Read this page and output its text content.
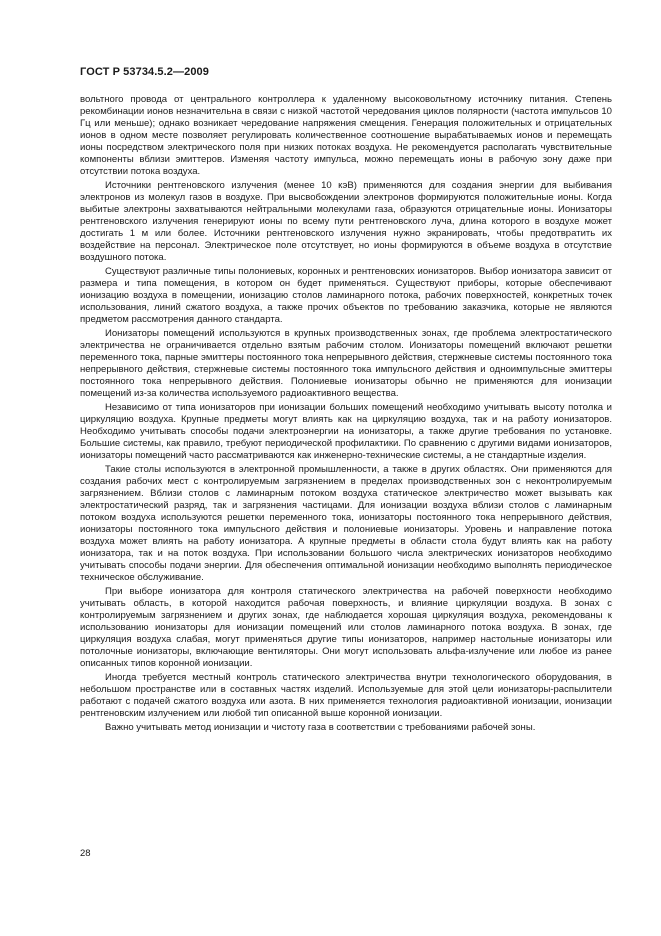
ГОСТ Р 53734.5.2—2009

вольтного провода от центрального контроллера к удаленному высоковольтному источнику питания. Степень рекомбинации ионов незначительна в связи с низкой частотой чередования циклов полярности (частота импульсов 10 Гц или меньше); однако возникает чередование напряжения смещения. Генерация положительных и отрицательных ионов в одном месте позволяет регулировать количественное соотношение вырабатываемых ионов и перемещать ионы посредством электрического поля при низких потоках воздуха. Не рекомендуется располагать чувствительные компоненты вблизи эмиттеров. Изменяя частоту импульса, можно перемещать ионы в рабочую зону даже при отсутствии потока воздуха.

Источники рентгеновского излучения (менее 10 кэВ) применяются для создания энергии для выбивания электронов из молекул газов в воздухе. При высвобождении электронов формируются положительные ионы. Когда выбитые электроны захватываются нейтральными молекулами газа, образуются отрицательные ионы. Ионизаторы рентгеновского излучения генерируют ионы по всему пути рентгеновского луча, длина которого в воздухе может достигать 1 м или более. Источники рентгеновского излучения нужно экранировать, чтобы предотвратить их воздействие на персонал. Электрическое поле отсутствует, но ионы формируются в объеме воздуха в отсутствие воздушного потока.

Существуют различные типы полониевых, коронных и рентгеновских ионизаторов. Выбор ионизатора зависит от размера и типа помещения, в котором он будет применяться. Существуют приборы, которые обеспечивают ионизацию воздуха в помещении, ионизацию столов ламинарного потока, рабочих поверхностей, конкретных точек использования, линий сжатого воздуха, а также прочих объектов по требованию заказчика, которые не являются предметом рассмотрения данного стандарта.

Ионизаторы помещений используются в крупных производственных зонах, где проблема электростатического электричества не ограничивается отдельно взятым рабочим столом. Ионизаторы помещений включают решетки переменного тока, парные эмиттеры постоянного тока непрерывного действия, стержневые системы постоянного тока непрерывного действия, стержневые системы постоянного тока импульсного действия и одноимпульсные эмиттеры постоянного тока непрерывного действия. Полониевые ионизаторы обычно не применяются для ионизации помещений из-за количества используемого радиоактивного вещества.

Независимо от типа ионизаторов при ионизации больших помещений необходимо учитывать высоту потолка и циркуляцию воздуха. Крупные предметы могут влиять как на циркуляцию воздуха, так и на работу ионизаторов. Необходимо учитывать способы подачи электроэнергии на ионизаторы, а также другие требования по установке. Большие системы, как правило, требуют периодической профилактики. По сравнению с другими видами ионизаторов, ионизаторы помещений часто рассматриваются как инженерно-технические системы, а не стандартные изделия.

Такие столы используются в электронной промышленности, а также в других областях. Они применяются для создания рабочих мест с контролируемым загрязнением в пределах производственных зон с неконтролируемым загрязнением. Вблизи столов с ламинарным потоком воздуха статическое электричество может вызывать как электростатический разряд, так и загрязнения частицами. Для ионизации воздуха вблизи столов с ламинарным потоком воздуха используются решетки переменного тока, ионизаторы постоянного тока непрерывного действия, ионизаторы постоянного тока импульсного действия и полониевые ионизаторы. Уровень и направление потока воздуха может влиять на работу ионизатора. А крупные предметы в области стола будут влиять как на работу ионизатора, так и на поток воздуха. При использовании большого числа электрических ионизаторов необходимо учитывать способы подачи энергии. Для обеспечения оптимальной ионизации необходимо выполнять периодическое техническое обслуживание.

При выборе ионизатора для контроля статического электричества на рабочей поверхности необходимо учитывать область, в которой находится рабочая поверхность, и влияние циркуляции воздуха. В зонах с контролируемым загрязнением и других зонах, где наблюдается хорошая циркуляция воздуха, рекомендованы к использованию ионизаторы для ионизации помещений или столов ламинарного потока воздуха. В зонах, где циркуляция воздуха слабая, могут применяться другие типы ионизаторов, например настольные ионизаторы или потолочные ионизаторы, включающие вентиляторы. Они могут использовать альфа-излучение или любое из ранее описанных типов коронной ионизации.

Иногда требуется местный контроль статического электричества внутри технологического оборудования, в небольшом пространстве или в составных частях изделий. Используемые для этой цели ионизаторы-распылители работают с подачей сжатого воздуха или азота. В них применяется технология радиоактивной ионизации, ионизации рентгеновским излучением или любой тип описанной выше коронной ионизации.

Важно учитывать метод ионизации и чистоту газа в соответствии с требованиями рабочей зоны.

28
